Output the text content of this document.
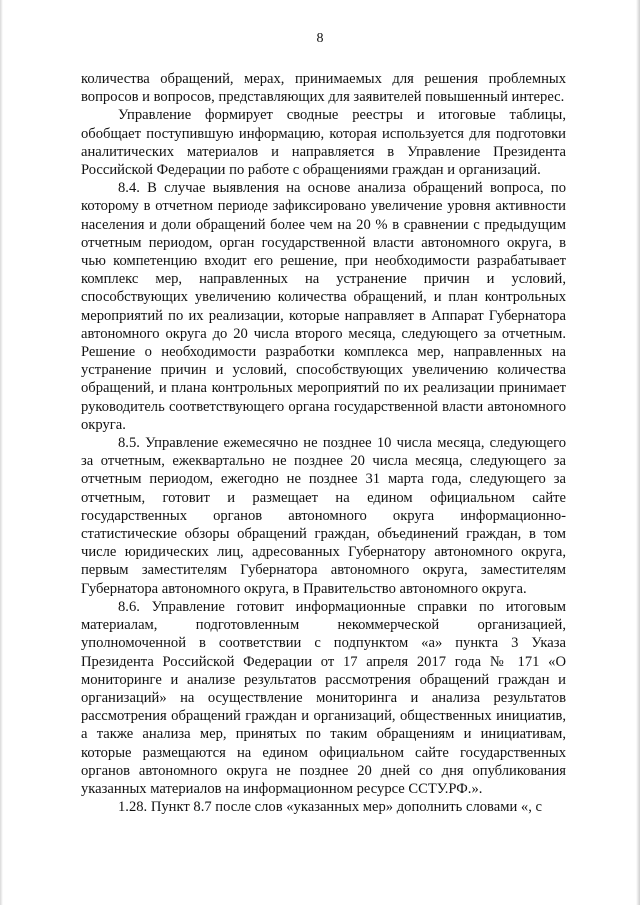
8

количества обращений, мерах, принимаемых для решения проблемных вопросов и вопросов, представляющих для заявителей повышенный интерес.

Управление формирует сводные реестры и итоговые таблицы, обобщает поступившую информацию, которая используется для подготовки аналитических материалов и направляется в Управление Президента Российской Федерации по работе с обращениями граждан и организаций.

8.4. В случае выявления на основе анализа обращений вопроса, по которому в отчетном периоде зафиксировано увеличение уровня активности населения и доли обращений более чем на 20 % в сравнении с предыдущим отчетным периодом, орган государственной власти автономного округа, в чью компетенцию входит его решение, при необходимости разрабатывает комплекс мер, направленных на устранение причин и условий, способствующих увеличению количества обращений, и план контрольных мероприятий по их реализации, которые направляет в Аппарат Губернатора автономного округа до 20 числа второго месяца, следующего за отчетным. Решение о необходимости разработки комплекса мер, направленных на устранение причин и условий, способствующих увеличению количества обращений, и плана контрольных мероприятий по их реализации принимает руководитель соответствующего органа государственной власти автономного округа.

8.5. Управление ежемесячно не позднее 10 числа месяца, следующего за отчетным, ежеквартально не позднее 20 числа месяца, следующего за отчетным периодом, ежегодно не позднее 31 марта года, следующего за отчетным, готовит и размещает на едином официальном сайте государственных органов автономного округа информационно-статистические обзоры обращений граждан, объединений граждан, в том числе юридических лиц, адресованных Губернатору автономного округа, первым заместителям Губернатора автономного округа, заместителям Губернатора автономного округа, в Правительство автономного округа.

8.6. Управление готовит информационные справки по итоговым материалам, подготовленным некоммерческой организацией, уполномоченной в соответствии с подпунктом «а» пункта 3 Указа Президента Российской Федерации от 17 апреля 2017 года № 171 «О мониторинге и анализе результатов рассмотрения обращений граждан и организаций» на осуществление мониторинга и анализа результатов рассмотрения обращений граждан и организаций, общественных инициатив, а также анализа мер, принятых по таким обращениям и инициативам, которые размещаются на едином официальном сайте государственных органов автономного округа не позднее 20 дней со дня опубликования указанных материалов на информационном ресурсе ССТУ.РФ.».

1.28. Пункт 8.7 после слов «указанных мер» дополнить словами «, с
